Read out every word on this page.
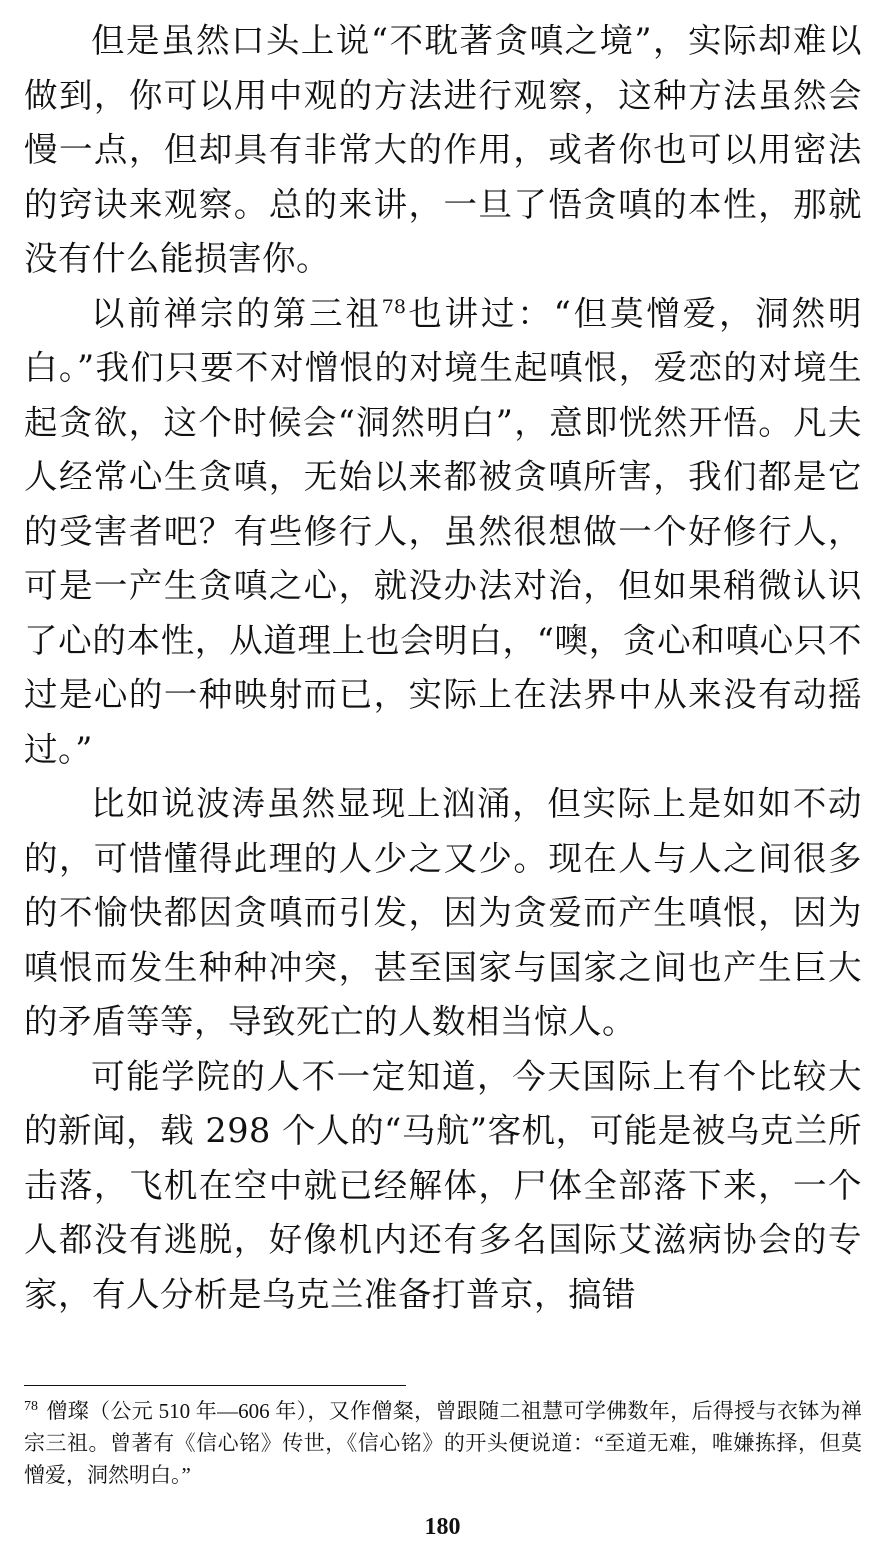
但是虽然口头上说“不耽著贪嗔之境”，实际却难以做到，你可以用中观的方法进行观察，这种方法虽然会慢一点，但却具有非常大的作用，或者你也可以用密法的窍诀来观察。总的来讲，一旦了悟贪嗔的本性，那就没有什么能损害你。

以前禅宗的第三祖$^{78}$也讲过：“但莫憎爱，洞然明白。”我们只要不对憎恨的对境生起嗔恨，爱恋的对境生起贪欲，这个时候会“洞然明白”，意即恍然开悟。凡夫人经常心生贪嗔，无始以来都被贪嗔所害，我们都是它的受害者吧？有些修行人，虽然很想做一个好修行人，可是一产生贪嗔之心，就没办法对治，但如果稍微认识了心的本性，从道理上也会明白，“噢，贪心和嗔心只不过是心的一种映射而已，实际上在法界中从来没有动摇过。”

比如说波涛虽然显现上汹涌，但实际上是如如不动的，可惜懂得此理的人少之又少。现在人与人之间很多的不愉快都因贪嗔而引发，因为贪爱而产生嗔恨，因为嗔恨而发生种种冲突，甚至国家与国家之间也产生巨大的矛盾等等，导致死亡的人数相当惊人。

可能学院的人不一定知道，今天国际上有个比较大的新闻，载 298 个人的“马航”客机，可能是被乌克兰所击落，飞机在空中就已经解体，尸体全部落下来，一个人都没有逃脱，好像机内还有多名国际艾滋病协会的专家，有人分析是乌克兰准备打普京，搞错

$^{78}$ 僧璨（公元 510 年—606 年），又作僧粲，曾跟随二祖慧可学佛数年，后得授与衣钵为禅宗三祖。曾著有《信心铭》传世，《信心铭》的开头便说道：“至道无难，唯嫌拣择，但莫憎爱，洞然明白。”

180
